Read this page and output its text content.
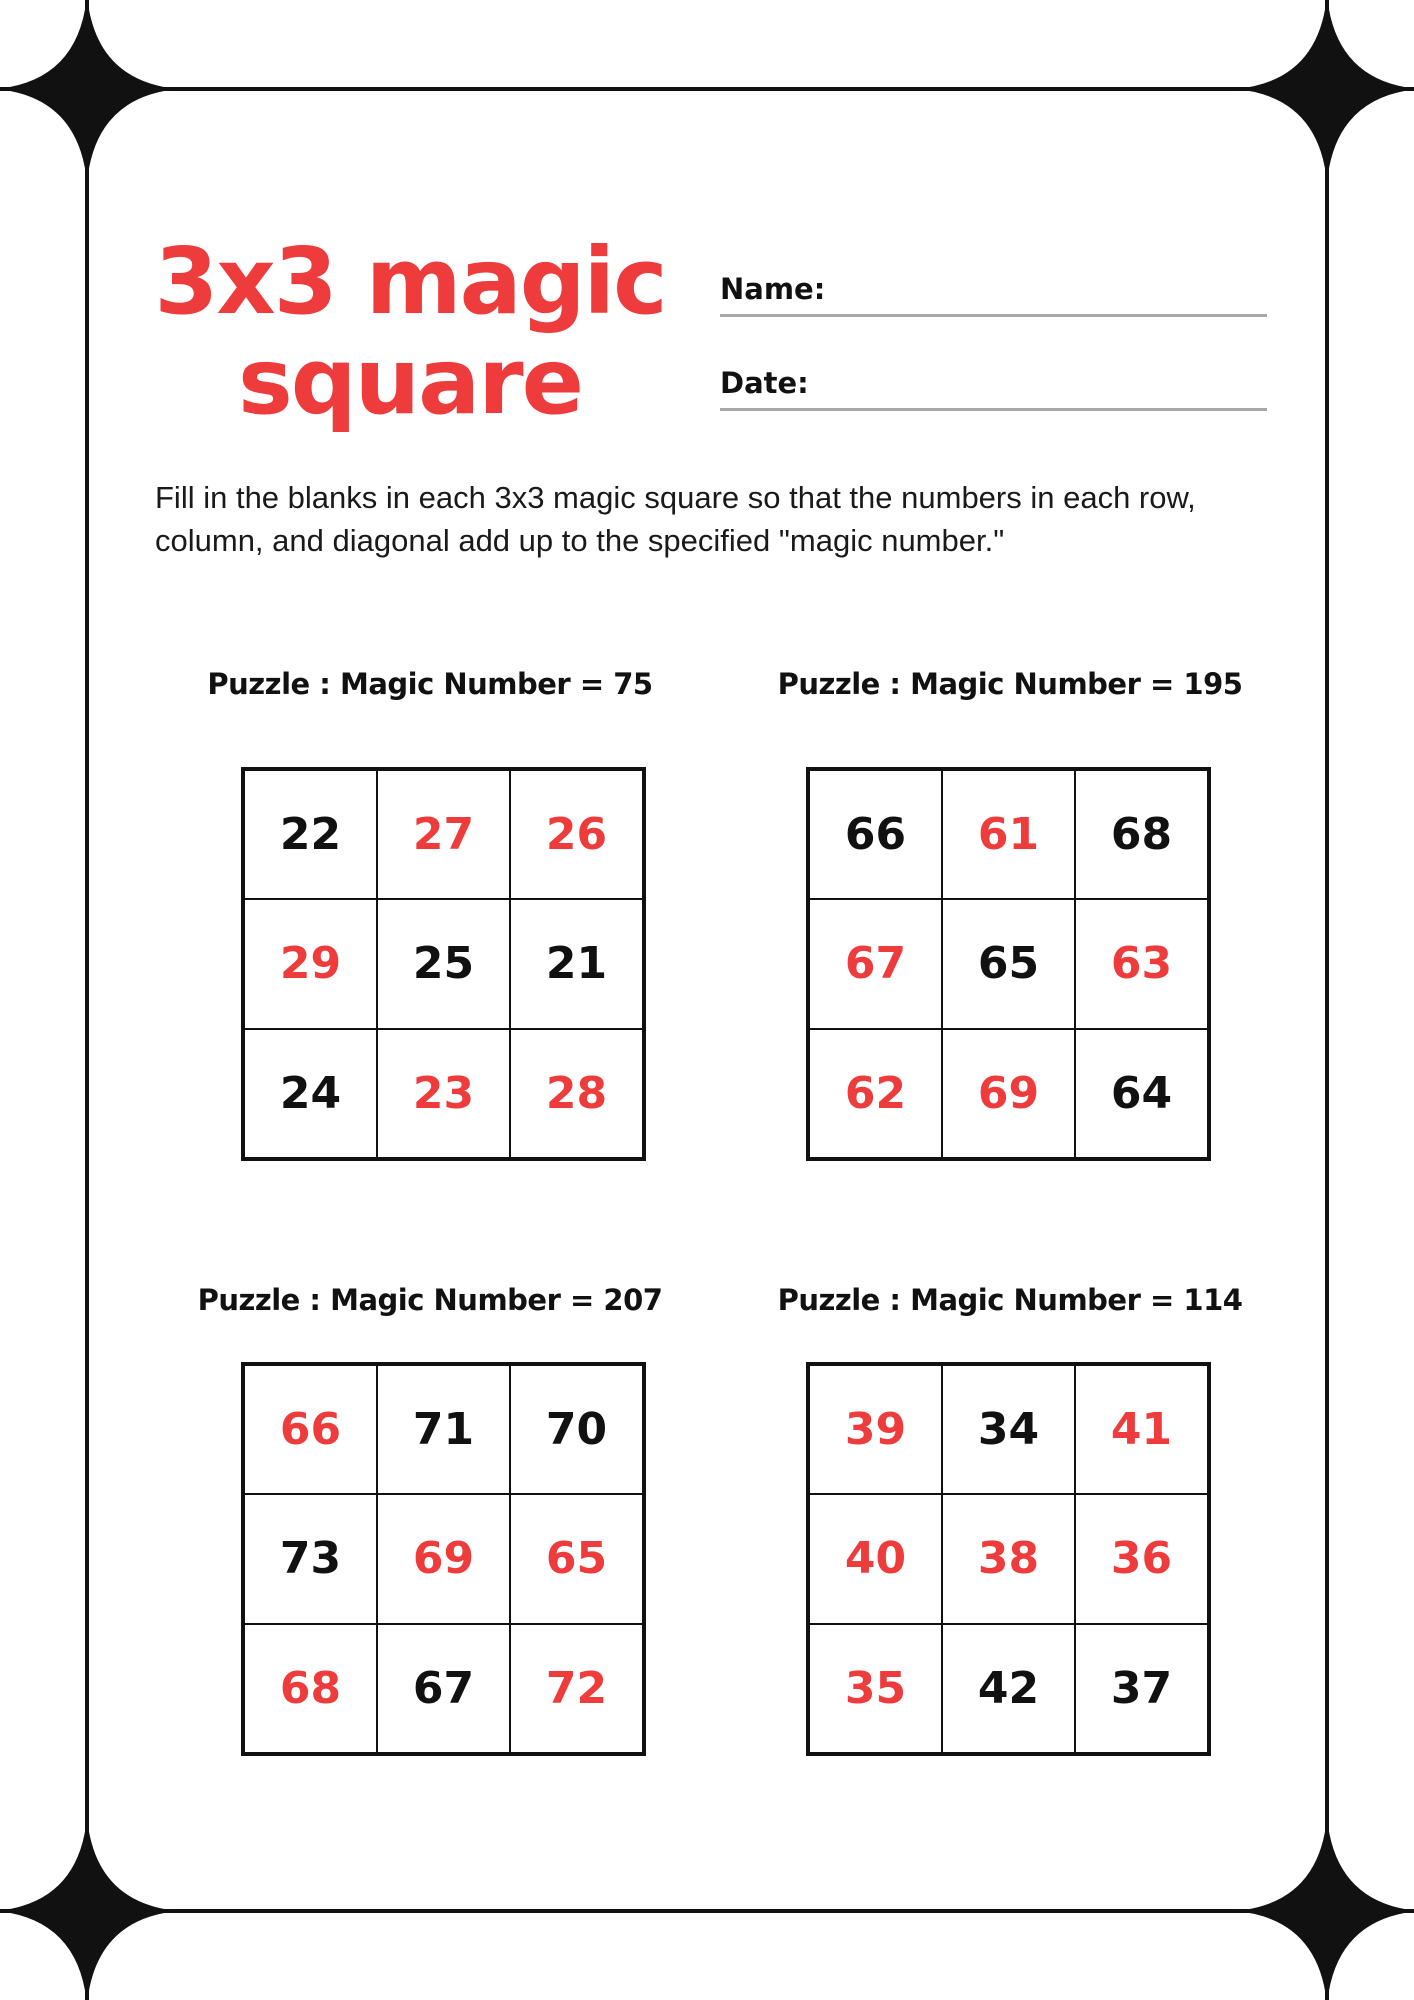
3x3 magic
square
Name:
Date:
Fill in the blanks in each 3x3 magic square so that the numbers in each row, column, and diagonal add up to the specified "magic number."
Puzzle : Magic Number = 75
22	27	26
29	25	21
24	23	28
Puzzle : Magic Number = 195
66	61	68
67	65	63
62	69	64
Puzzle : Magic Number = 207
66	71	70
73	69	65
68	67	72
Puzzle : Magic Number = 114
39	34	41
40	38	36
35	42	37
